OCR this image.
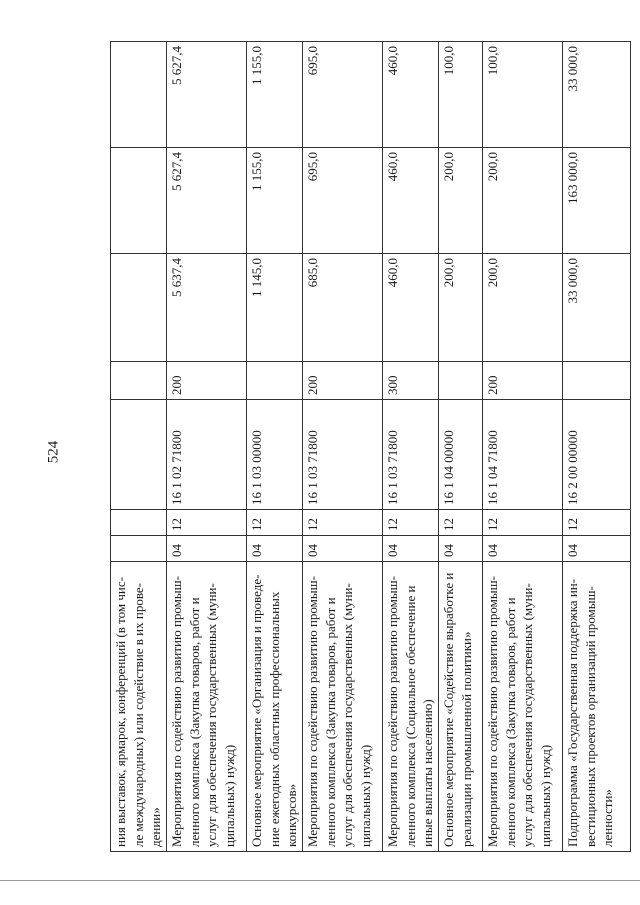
524
ния выставок, ярмарок, конференций (в том чис-ле международных) или содействие в их прове-дении»							
Мероприятия по содействию развитию промыш-ленного комплекса (Закупка товаров, работ и услуг для обеспечения государственных (муни-ципальных) нужд)	04	12	16 1 02 71800	200	5 637,4	5 627,4	5 627,4
Основное мероприятие «Организация и проведе-ние ежегодных областных профессиональных конкурсов»	04	12	16 1 03 00000		1 145,0	1 155,0	1 155,0
Мероприятия по содействию развитию промыш-ленного комплекса (Закупка товаров, работ и услуг для обеспечения государственных (муни-ципальных) нужд)	04	12	16 1 03 71800	200	685,0	695,0	695,0
Мероприятия по содействию развитию промыш-ленного комплекса (Социальное обеспечение и иные выплаты населению)	04	12	16 1 03 71800	300	460,0	460,0	460,0
Основное мероприятие «Содействие выработке и реализации промышленной политики»	04	12	16 1 04 00000		200,0	200,0	100,0
Мероприятия по содействию развитию промыш-ленного комплекса (Закупка товаров, работ и услуг для обеспечения государственных (муни-ципальных) нужд)	04	12	16 1 04 71800	200	200,0	200,0	100,0
Подпрограмма «Государственная поддержка ин-вестиционных проектов организаций промыш-ленности»	04	12	16 2 00 00000		33 000,0	163 000,0	33 000,0
